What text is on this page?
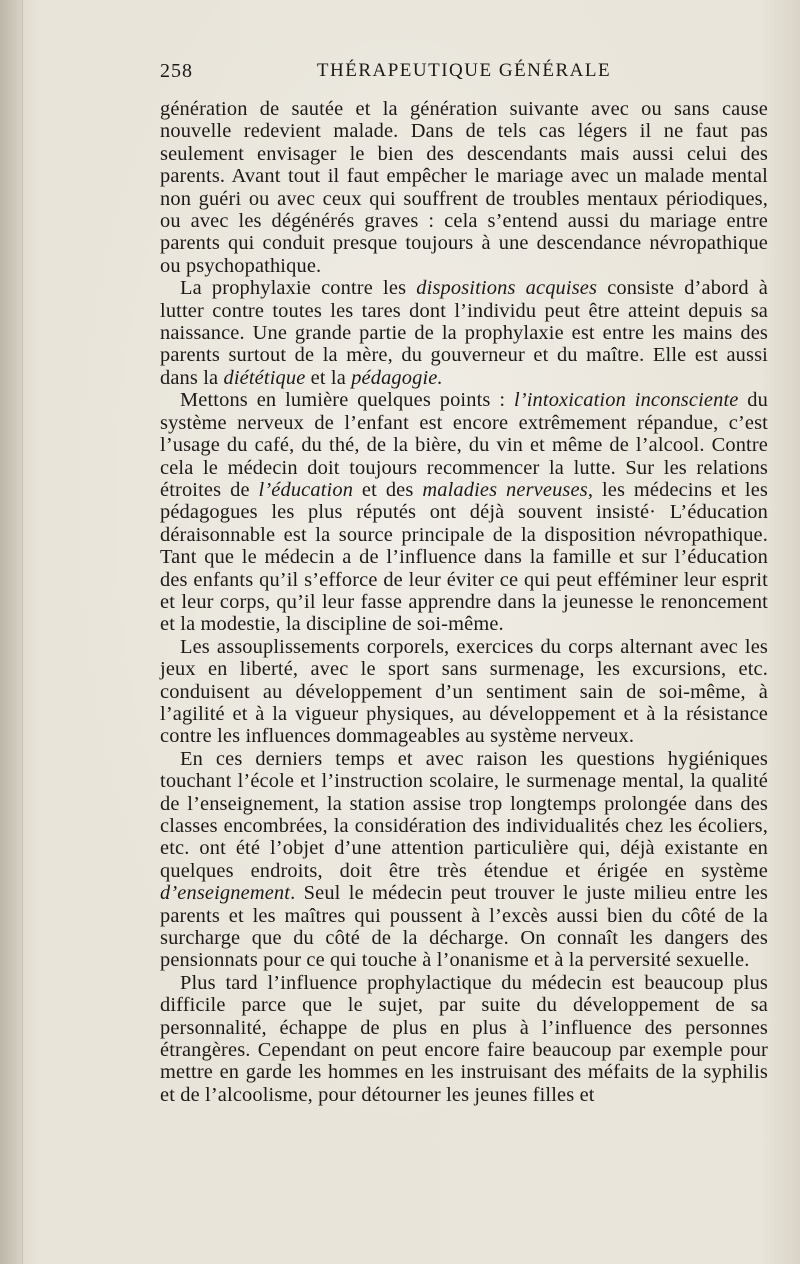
258	THÉRAPEUTIQUE GÉNÉRALE

génération de sautée et la génération suivante avec ou sans cause nouvelle redevient malade. Dans de tels cas légers il ne faut pas seulement envisager le bien des descendants mais aussi celui des parents. Avant tout il faut empêcher le mariage avec un malade mental non guéri ou avec ceux qui souffrent de troubles mentaux périodiques, ou avec les dégénérés graves : cela s’entend aussi du mariage entre parents qui conduit presque toujours à une descendance névropathique ou psychopathique.

La prophylaxie contre les dispositions acquises consiste d’abord à lutter contre toutes les tares dont l’individu peut être atteint depuis sa naissance. Une grande partie de la prophylaxie est entre les mains des parents surtout de la mère, du gouverneur et du maître. Elle est aussi dans la diététique et la pédagogie.

Mettons en lumière quelques points : l’intoxication inconsciente du système nerveux de l’enfant est encore extrêmement répandue, c’est l’usage du café, du thé, de la bière, du vin et même de l’alcool. Contre cela le médecin doit toujours recommencer la lutte. Sur les relations étroites de l’éducation et des maladies nerveuses, les médecins et les pédagogues les plus réputés ont déjà souvent insisté· L’éducation déraisonnable est la source principale de la disposition névropathique. Tant que le médecin a de l’influence dans la famille et sur l’éducation des enfants qu’il s’efforce de leur éviter ce qui peut efféminer leur esprit et leur corps, qu’il leur fasse apprendre dans la jeunesse le renoncement et la modestie, la discipline de soi-même.

Les assouplissements corporels, exercices du corps alternant avec les jeux en liberté, avec le sport sans surmenage, les excursions, etc. conduisent au développement d’un sentiment sain de soi-même, à l’agilité et à la vigueur physiques, au développement et à la résistance contre les influences dommageables au système nerveux.

En ces derniers temps et avec raison les questions hygiéniques touchant l’école et l’instruction scolaire, le surmenage mental, la qualité de l’enseignement, la station assise trop longtemps prolongée dans des classes encombrées, la considération des individualités chez les écoliers, etc. ont été l’objet d’une attention particulière qui, déjà existante en quelques endroits, doit être très étendue et érigée en système d’enseignement. Seul le médecin peut trouver le juste milieu entre les parents et les maîtres qui poussent à l’excès aussi bien du côté de la surcharge que du côté de la décharge. On connaît les dangers des pensionnats pour ce qui touche à l’onanisme et à la perversité sexuelle.

Plus tard l’influence prophylactique du médecin est beaucoup plus difficile parce que le sujet, par suite du développement de sa personnalité, échappe de plus en plus à l’influence des personnes étrangères. Cependant on peut encore faire beaucoup par exemple pour mettre en garde les hommes en les instruisant des méfaits de la syphilis et de l’alcoolisme, pour détourner les jeunes filles et
